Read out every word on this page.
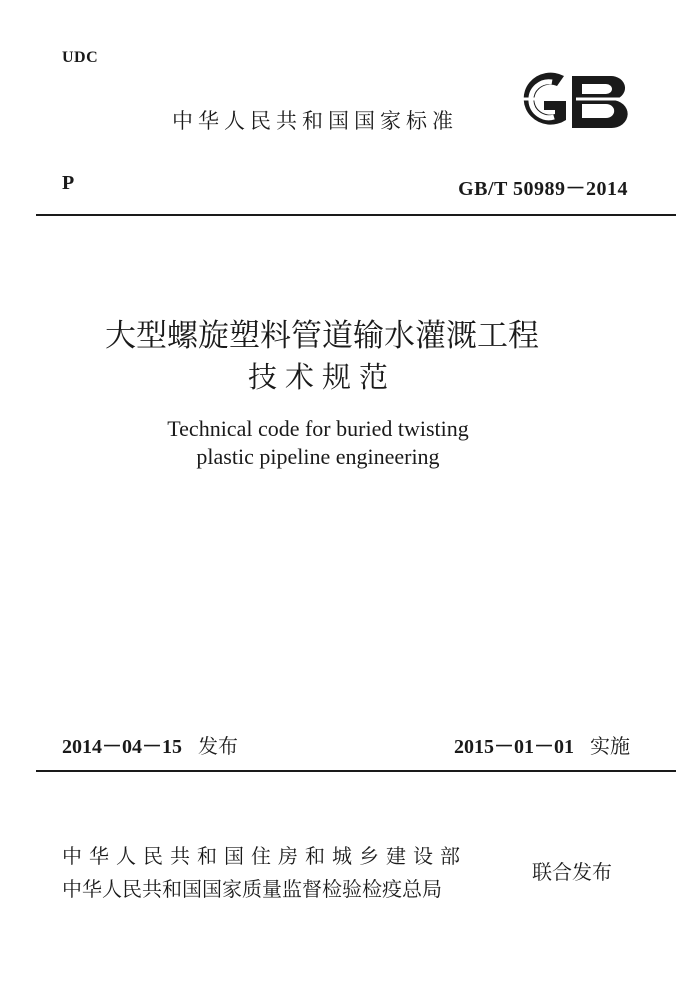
UDC
中华人民共和国国家标准
P	GB/T 50989－2014
大型螺旋塑料管道输水灌溉工程
技术规范
Technical code for buried twisting
plastic pipeline engineering
2014－04－15 发布	2015－01－01 实施
中华人民共和国住房和城乡建设部
中华人民共和国国家质量监督检验检疫总局
联合发布
